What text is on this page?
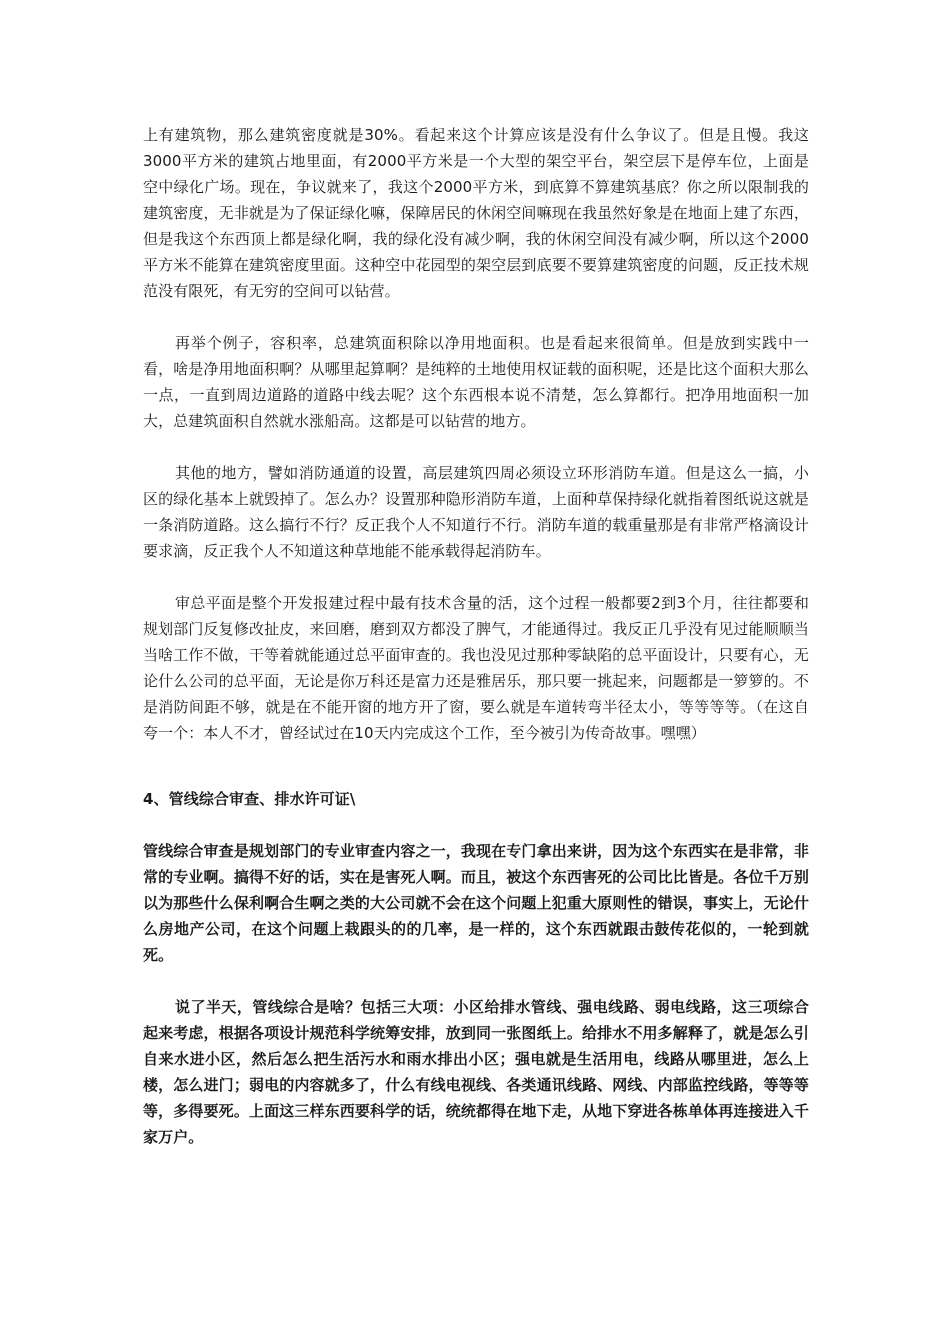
上有建筑物，那么建筑密度就是30%。看起来这个计算应该是没有什么争议了。但是且慢。我这3000平方米的建筑占地里面，有2000平方米是一个大型的架空平台，架空层下是停车位，上面是空中绿化广场。现在，争议就来了，我这个2000平方米，到底算不算建筑基底？你之所以限制我的建筑密度，无非就是为了保证绿化嘛，保障居民的休闲空间嘛现在我虽然好象是在地面上建了东西，但是我这个东西顶上都是绿化啊，我的绿化没有减少啊，我的休闲空间没有减少啊，所以这个2000平方米不能算在建筑密度里面。这种空中花园型的架空层到底要不要算建筑密度的问题，反正技术规范没有限死，有无穷的空间可以钻营。

再举个例子，容积率，总建筑面积除以净用地面积。也是看起来很简单。但是放到实践中一看，啥是净用地面积啊？从哪里起算啊？是纯粹的土地使用权证载的面积呢，还是比这个面积大那么一点，一直到周边道路的道路中线去呢？这个东西根本说不清楚，怎么算都行。把净用地面积一加大，总建筑面积自然就水涨船高。这都是可以钻营的地方。

其他的地方，譬如消防通道的设置，高层建筑四周必须设立环形消防车道。但是这么一搞，小区的绿化基本上就毁掉了。怎么办？设置那种隐形消防车道，上面种草保持绿化就指着图纸说这就是一条消防道路。这么搞行不行？反正我个人不知道行不行。消防车道的载重量那是有非常严格滴设计要求滴，反正我个人不知道这种草地能不能承载得起消防车。

审总平面是整个开发报建过程中最有技术含量的活，这个过程一般都要2到3个月，往往都要和规划部门反复修改扯皮，来回磨，磨到双方都没了脾气，才能通得过。我反正几乎没有见过能顺顺当当啥工作不做，干等着就能通过总平面审查的。我也没见过那种零缺陷的总平面设计，只要有心，无论什么公司的总平面，无论是你万科还是富力还是雅居乐，那只要一挑起来，问题都是一箩箩的。不是消防间距不够，就是在不能开窗的地方开了窗，要么就是车道转弯半径太小，等等等等。（在这自夸一个：本人不才，曾经试过在10天内完成这个工作，至今被引为传奇故事。嘿嘿）

4、管线综合审查、排水许可证\

管线综合审查是规划部门的专业审查内容之一，我现在专门拿出来讲，因为这个东西实在是非常，非常的专业啊。搞得不好的话，实在是害死人啊。而且，被这个东西害死的公司比比皆是。各位千万别以为那些什么保利啊合生啊之类的大公司就不会在这个问题上犯重大原则性的错误，事实上，无论什么房地产公司，在这个问题上栽跟头的的几率，是一样的，这个东西就跟击鼓传花似的，一轮到就死。

说了半天，管线综合是啥？包括三大项：小区给排水管线、强电线路、弱电线路，这三项综合起来考虑，根据各项设计规范科学统筹安排，放到同一张图纸上。给排水不用多解释了，就是怎么引自来水进小区，然后怎么把生活污水和雨水排出小区；强电就是生活用电，线路从哪里进，怎么上楼，怎么进门；弱电的内容就多了，什么有线电视线、各类通讯线路、网线、内部监控线路，等等等等，多得要死。上面这三样东西要科学的话，统统都得在地下走，从地下穿进各栋单体再连接进入千家万户。
